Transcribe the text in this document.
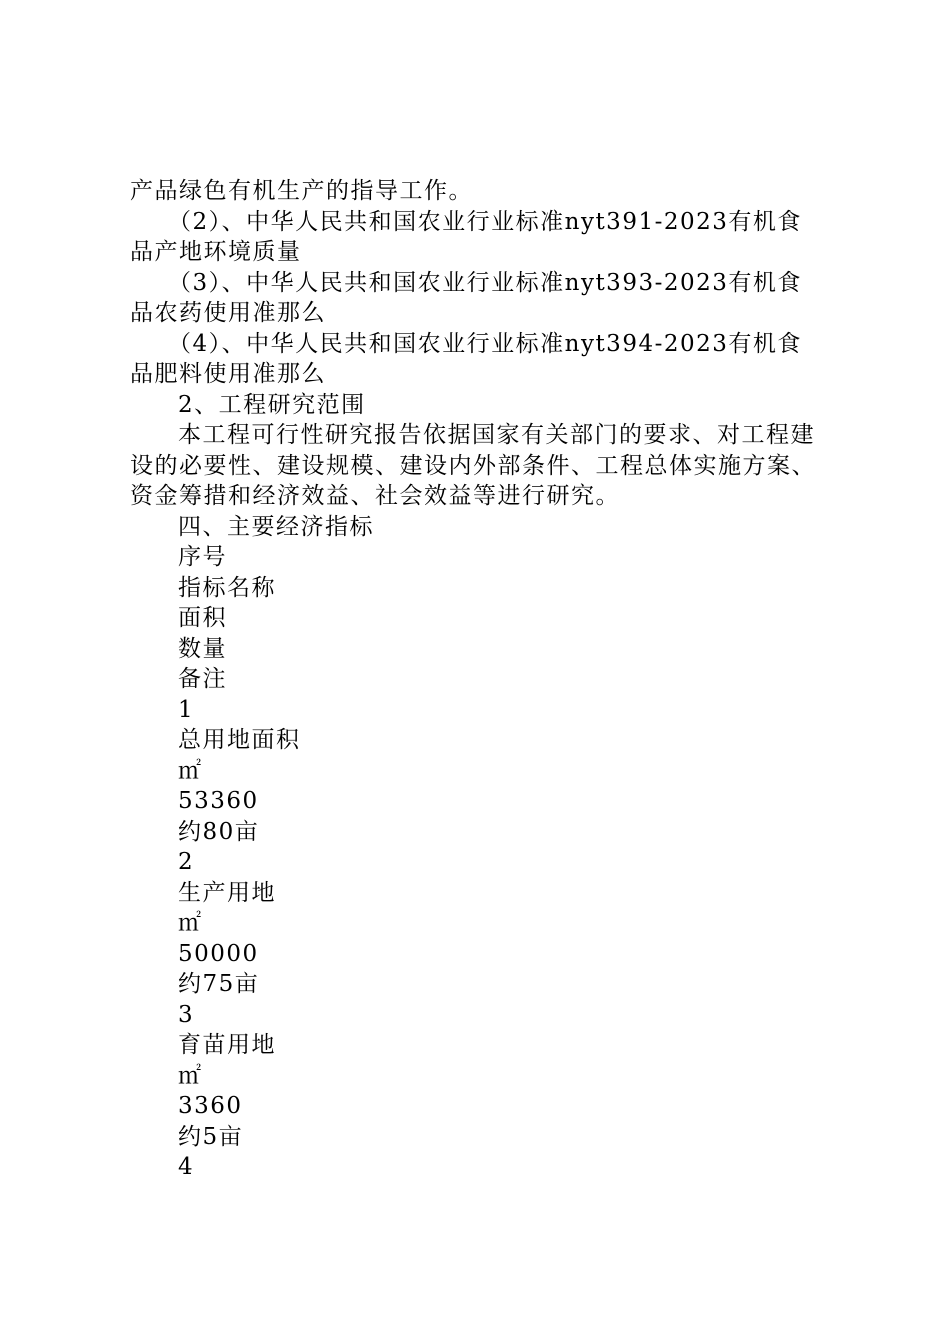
产品绿色有机生产的指导工作。
（2）、中华人民共和国农业行业标准nyt391-2023有机食
品产地环境质量
（3）、中华人民共和国农业行业标准nyt393-2023有机食
品农药使用准那么
（4）、中华人民共和国农业行业标准nyt394-2023有机食
品肥料使用准那么
2、工程研究范围
本工程可行性研究报告依据国家有关部门的要求、对工程建
设的必要性、建设规模、建设内外部条件、工程总体实施方案、
资金筹措和经济效益、社会效益等进行研究。
四、主要经济指标
序号
指标名称
面积
数量
备注
1
总用地面积
㎡
53360
约80亩
2
生产用地
㎡
50000
约75亩
3
育苗用地
㎡
3360
约5亩
4
